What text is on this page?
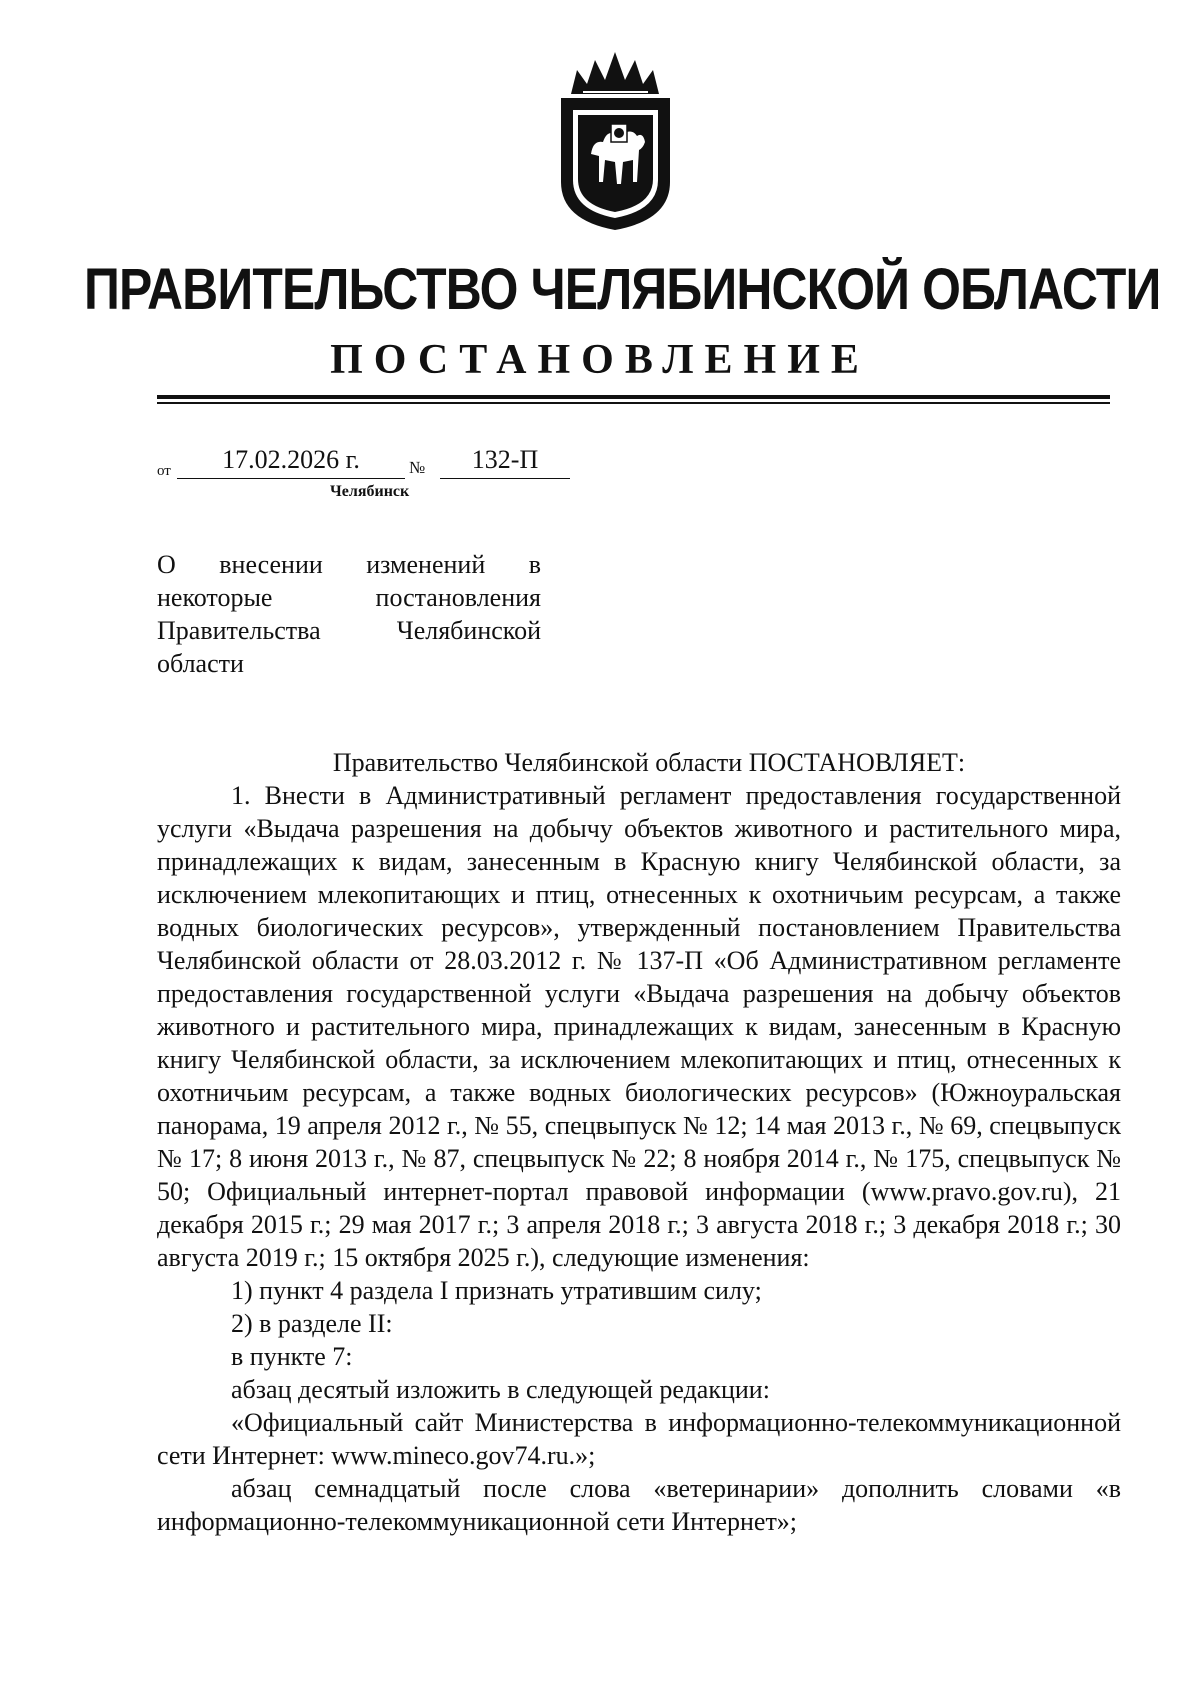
ПРАВИТЕЛЬСТВО ЧЕЛЯБИНСКОЙ ОБЛАСТИ
ПОСТАНОВЛЕНИЕ
от	17.02.2026 г.	№	132-П
Челябинск
О внесении изменений в
некоторые постановления
Правительства Челябинской
области

Правительство Челябинской области ПОСТАНОВЛЯЕТ:

1. Внести в Административный регламент предоставления государственной услуги «Выдача разрешения на добычу объектов животного и растительного мира, принадлежащих к видам, занесенным в Красную книгу Челябинской области, за исключением млекопитающих и птиц, отнесенных к охотничьим ресурсам, а также водных биологических ресурсов», утвержденный постановлением Правительства Челябинской области от 28.03.2012 г. № 137-П «Об Административном регламенте предоставления государственной услуги «Выдача разрешения на добычу объектов животного и растительного мира, принадлежащих к видам, занесенным в Красную книгу Челябинской области, за исключением млекопитающих и птиц, отнесенных к охотничьим ресурсам, а также водных биологических ресурсов» (Южноуральская панорама, 19 апреля 2012 г., № 55, спецвыпуск № 12; 14 мая 2013 г., № 69, спецвыпуск № 17; 8 июня 2013 г., № 87, спецвыпуск № 22; 8 ноября 2014 г., № 175, спецвыпуск № 50; Официальный интернет-портал правовой информации (www.pravo.gov.ru), 21 декабря 2015 г.; 29 мая 2017 г.; 3 апреля 2018 г.; 3 августа 2018 г.; 3 декабря 2018 г.; 30 августа 2019 г.; 15 октября 2025 г.), следующие изменения:

1) пункт 4 раздела I признать утратившим силу;

2) в разделе II:

в пункте 7:

абзац десятый изложить в следующей редакции:

«Официальный сайт Министерства в информационно-телекоммуникационной сети Интернет: www.mineco.gov74.ru.»;

абзац семнадцатый после слова «ветеринарии» дополнить словами «в информационно-телекоммуникационной сети Интернет»;
